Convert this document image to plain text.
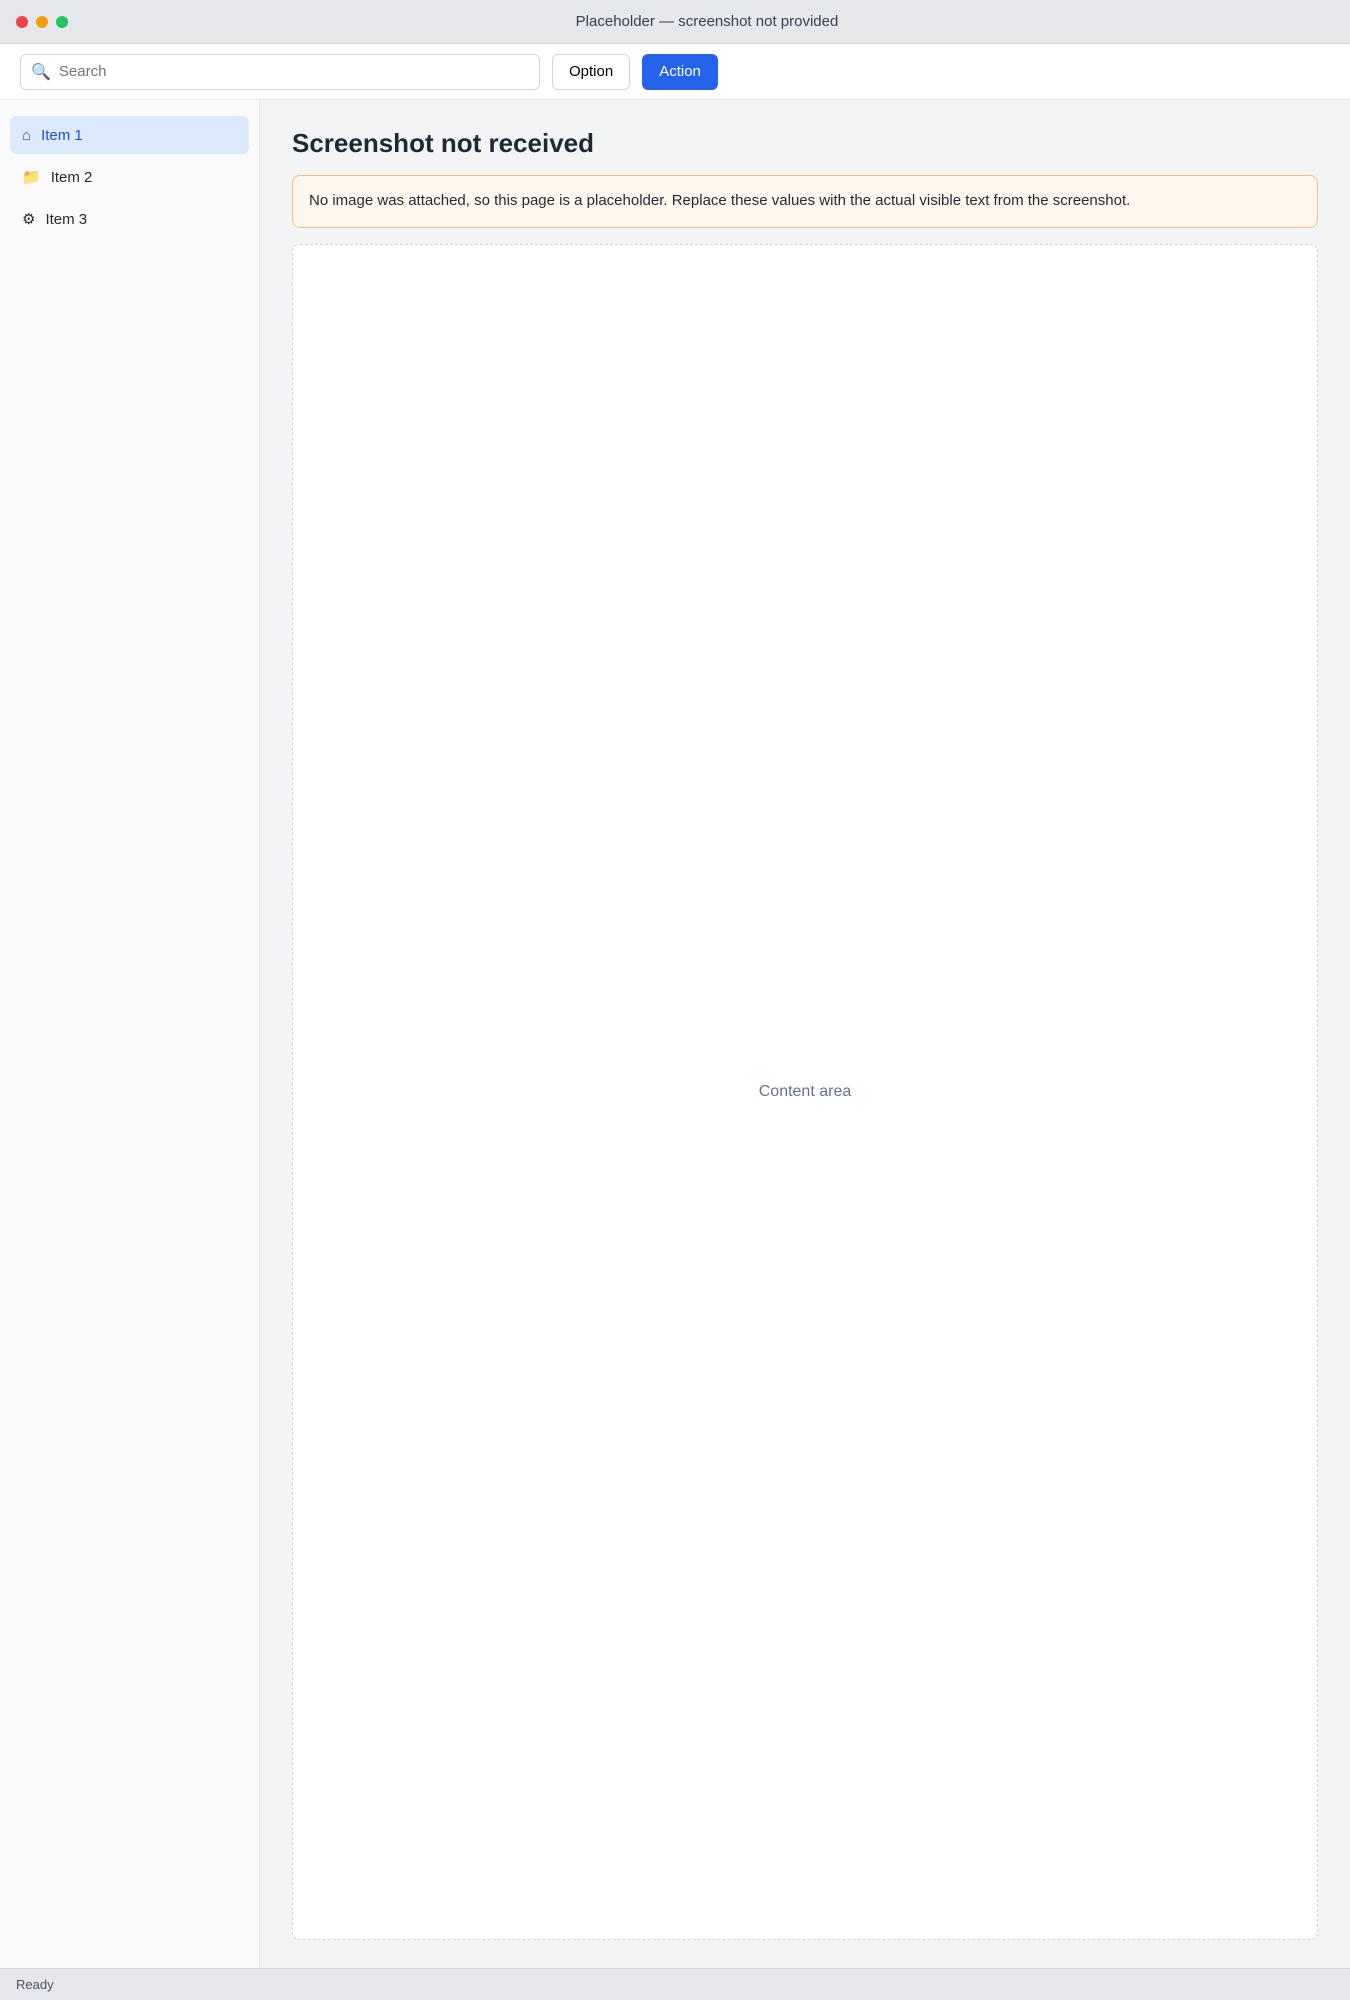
Placeholder — screenshot not provided
🔍
Search	Option	Action
⌂ Item 1
📁 Item 2
⚙ Item 3
Screenshot not received
No image was attached, so this page is a placeholder. Replace these values with the actual visible text from the screenshot.
Content area
Ready
